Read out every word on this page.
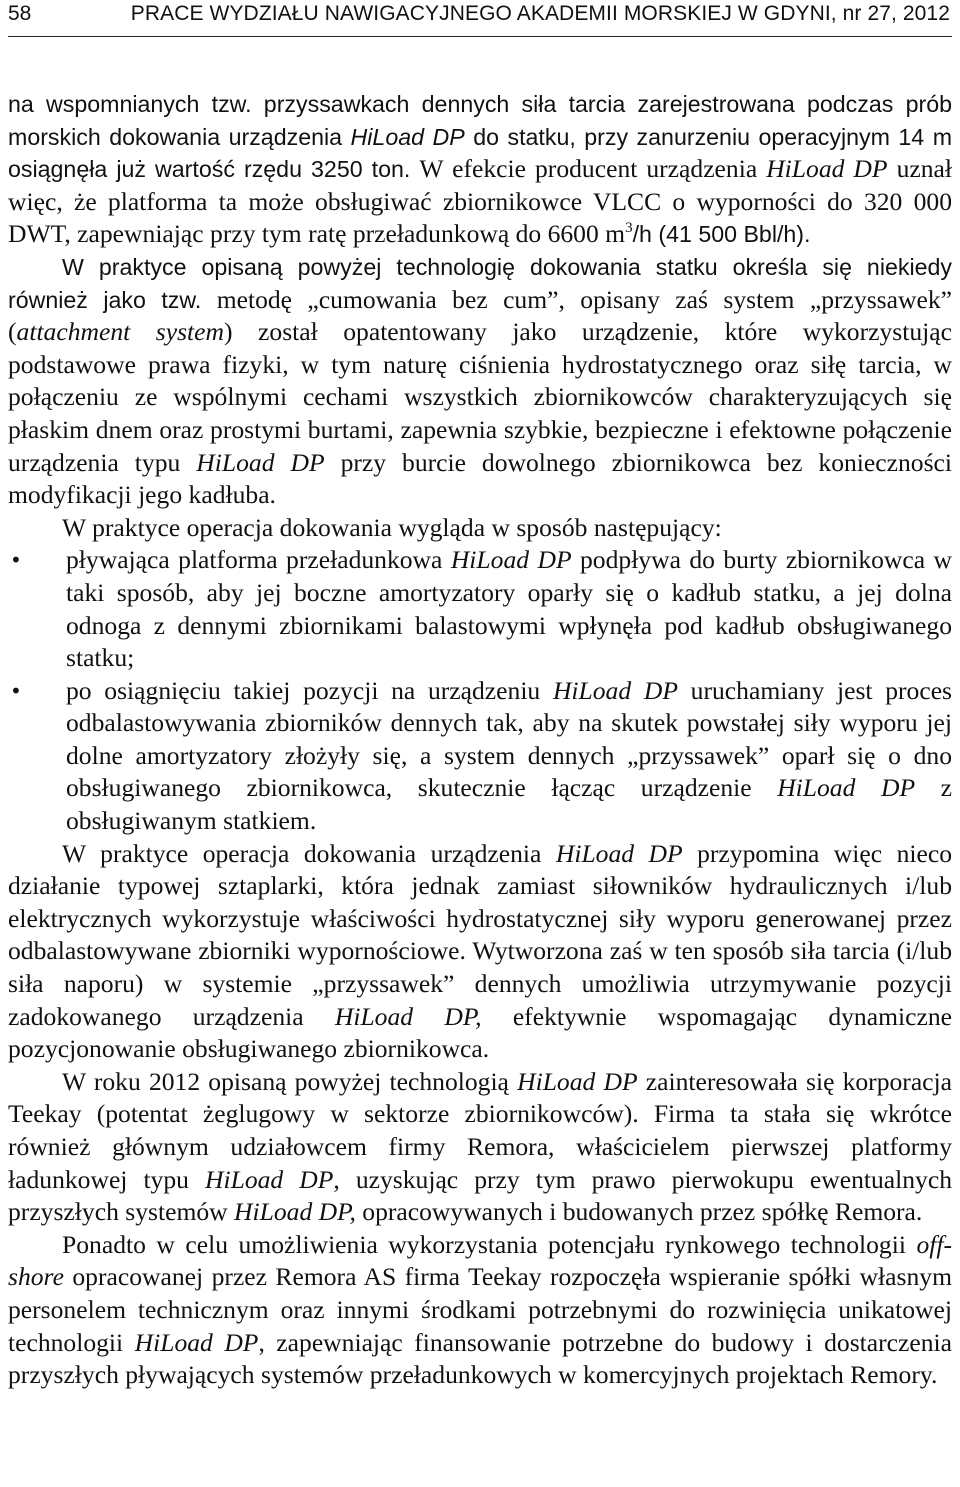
58	PRACE WYDZIAŁU NAWIGACYJNEGO AKADEMII MORSKIEJ W GDYNI, nr 27, 2012

na wspomnianych tzw. przyssawkach dennych siła tarcia zarejestrowana podczas prób morskich dokowania urządzenia HiLoad DP do statku, przy zanurzeniu operacyjnym 14 m osiągnęła już wartość rzędu 3250 ton. W efekcie producent urządzenia HiLoad DP uznał więc, że platforma ta może obsługiwać zbiornikowce VLCC o wyporności do 320 000 DWT, zapewniając przy tym ratę przeładunkową do 6600 $m^3/h$ (41 500 Bbl/h).

W praktyce opisaną powyżej technologię dokowania statku określa się niekiedy również jako tzw. metodę „cumowania bez cum”, opisany zaś system „przyssawek” (attachment system) został opatentowany jako urządzenie, które wykorzystując podstawowe prawa fizyki, w tym naturę ciśnienia hydrostatycznego oraz siłę tarcia, w połączeniu ze wspólnymi cechami wszystkich zbiornikowców charakteryzujących się płaskim dnem oraz prostymi burtami, zapewnia szybkie, bezpieczne i efektowne połączenie urządzenia typu HiLoad DP przy burcie dowolnego zbiornikowca bez konieczności modyfikacji jego kadłuba.

W praktyce operacja dokowania wygląda w sposób następujący:

• pływająca platforma przeładunkowa HiLoad DP podpływa do burty zbiornikowca w taki sposób, aby jej boczne amortyzatory oparły się o kadłub statku, a jej dolna odnoga z dennymi zbiornikami balastowymi wpłynęła pod kadłub obsługiwanego statku;
• po osiągnięciu takiej pozycji na urządzeniu HiLoad DP uruchamiany jest proces odbalastowywania zbiorników dennych tak, aby na skutek powstałej siły wyporu jej dolne amortyzatory złożyły się, a system dennych „przyssawek” oparł się o dno obsługiwanego zbiornikowca, skutecznie łącząc urządzenie HiLoad DP z obsługiwanym statkiem.

W praktyce operacja dokowania urządzenia HiLoad DP przypomina więc nieco działanie typowej sztaplarki, która jednak zamiast siłowników hydraulicznych i/lub elektrycznych wykorzystuje właściwości hydrostatycznej siły wyporu generowanej przez odbalastowywane zbiorniki wypornościowe. Wytworzona zaś w ten sposób siła tarcia (i/lub siła naporu) w systemie „przyssawek” dennych umożliwia utrzymywanie pozycji zadokowanego urządzenia HiLoad DP, efektywnie wspomagając dynamiczne pozycjonowanie obsługiwanego zbiornikowca.

W roku 2012 opisaną powyżej technologią HiLoad DP zainteresowała się korporacja Teekay (potentat żeglugowy w sektorze zbiornikowców). Firma ta stała się wkrótce również głównym udziałowcem firmy Remora, właścicielem pierwszej platformy ładunkowej typu HiLoad DP, uzyskując przy tym prawo pierwokupu ewentualnych przyszłych systemów HiLoad DP, opracowywanych i budowanych przez spółkę Remora.

Ponadto w celu umożliwienia wykorzystania potencjału rynkowego technologii off-shore opracowanej przez Remora AS firma Teekay rozpoczęła wspieranie spółki własnym personelem technicznym oraz innymi środkami potrzebnymi do rozwinięcia unikatowej technologii HiLoad DP, zapewniając finansowanie potrzebne do budowy i dostarczenia przyszłych pływających systemów przeładunkowych w komercyjnych projektach Remory.
